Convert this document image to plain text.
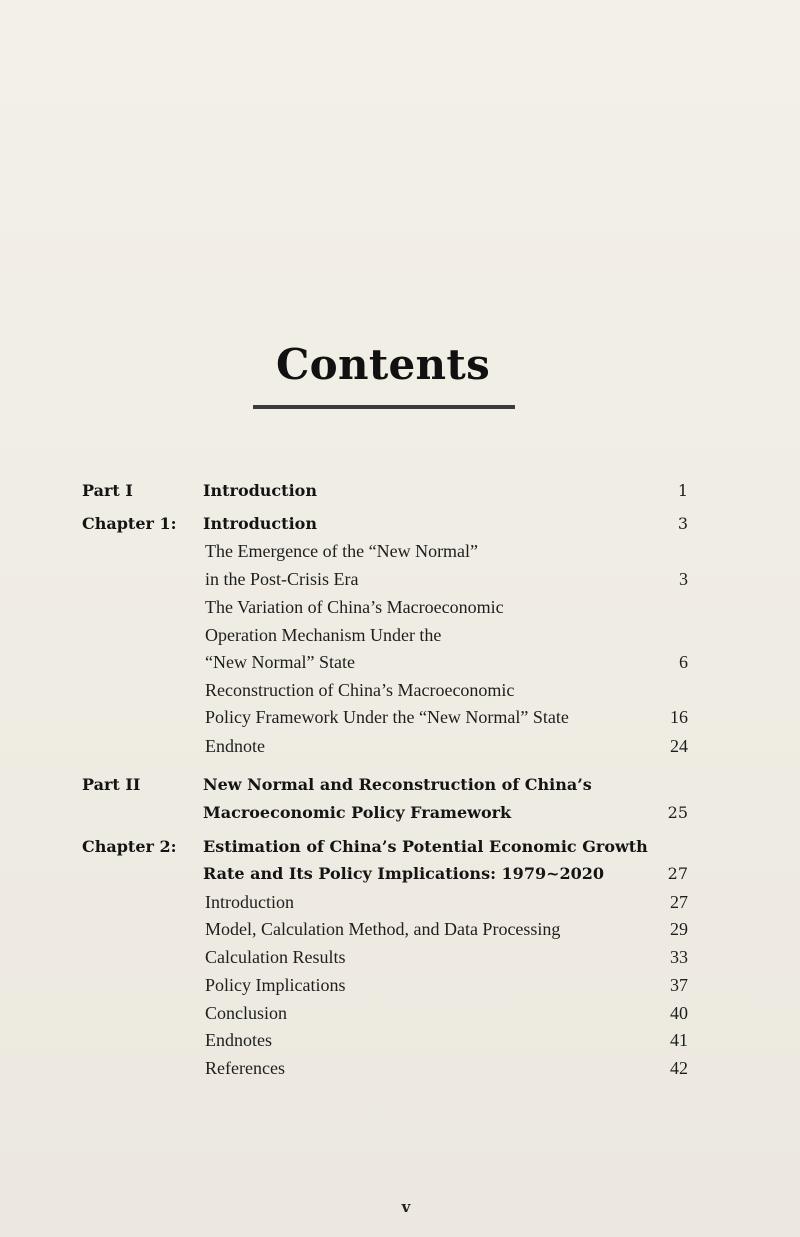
Contents
Part I	Introduction	1
Chapter 1: Introduction	3
The Emergence of the “New Normal”
in the Post-Crisis Era	3
The Variation of China’s Macroeconomic
Operation Mechanism Under the
“New Normal” State	6
Reconstruction of China’s Macroeconomic
Policy Framework Under the “New Normal” State	16
Endnote	24
Part II	New Normal and Reconstruction of China’s
Macroeconomic Policy Framework	25
Chapter 2: Estimation of China’s Potential Economic Growth
Rate and Its Policy Implications: 1979~2020	27
Introduction	27
Model, Calculation Method, and Data Processing	29
Calculation Results	33
Policy Implications	37
Conclusion	40
Endnotes	41
References	42
v
